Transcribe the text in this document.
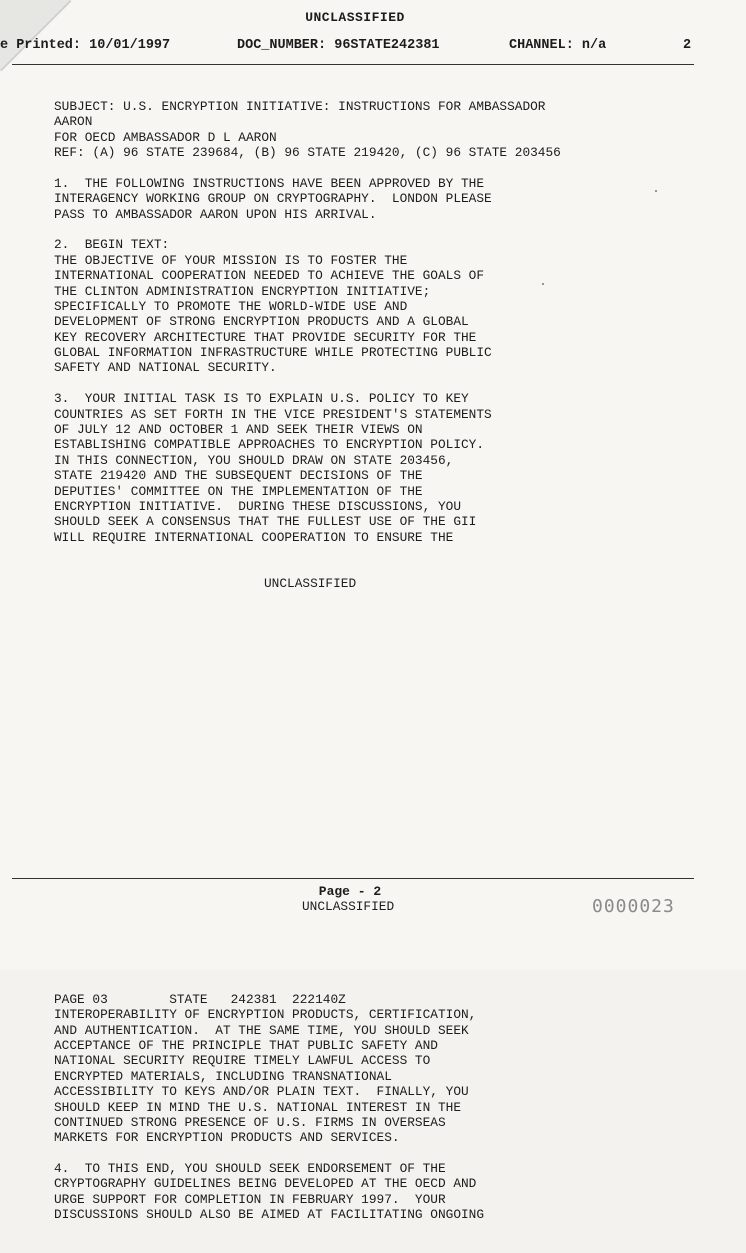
UNCLASSIFIED

e Printed: 10/01/1997

	DOC_NUMBER: 96STATE242381

	CHANNEL: n/a

	2

SUBJECT: U.S. ENCRYPTION INITIATIVE: INSTRUCTIONS FOR AMBASSADOR
AARON
FOR OECD AMBASSADOR D L AARON
REF: (A) 96 STATE 239684, (B) 96 STATE 219420, (C) 96 STATE 203456
1.  THE FOLLOWING INSTRUCTIONS HAVE BEEN APPROVED BY THE
INTERAGENCY WORKING GROUP ON CRYPTOGRAPHY.  LONDON PLEASE
PASS TO AMBASSADOR AARON UPON HIS ARRIVAL.
2.  BEGIN TEXT:
THE OBJECTIVE OF YOUR MISSION IS TO FOSTER THE
INTERNATIONAL COOPERATION NEEDED TO ACHIEVE THE GOALS OF
THE CLINTON ADMINISTRATION ENCRYPTION INITIATIVE;
SPECIFICALLY TO PROMOTE THE WORLD-WIDE USE AND
DEVELOPMENT OF STRONG ENCRYPTION PRODUCTS AND A GLOBAL
KEY RECOVERY ARCHITECTURE THAT PROVIDE SECURITY FOR THE
GLOBAL INFORMATION INFRASTRUCTURE WHILE PROTECTING PUBLIC
SAFETY AND NATIONAL SECURITY.
3.  YOUR INITIAL TASK IS TO EXPLAIN U.S. POLICY TO KEY
COUNTRIES AS SET FORTH IN THE VICE PRESIDENT'S STATEMENTS
OF JULY 12 AND OCTOBER 1 AND SEEK THEIR VIEWS ON
ESTABLISHING COMPATIBLE APPROACHES TO ENCRYPTION POLICY.
IN THIS CONNECTION, YOU SHOULD DRAW ON STATE 203456,
STATE 219420 AND THE SUBSEQUENT DECISIONS OF THE
DEPUTIES' COMMITTEE ON THE IMPLEMENTATION OF THE
ENCRYPTION INITIATIVE.  DURING THESE DISCUSSIONS, YOU
SHOULD SEEK A CONSENSUS THAT THE FULLEST USE OF THE GII
WILL REQUIRE INTERNATIONAL COOPERATION TO ENSURE THE

UNCLASSIFIED

UNCLASSIFIED

PAGE 03        STATE   242381  222140Z
INTEROPERABILITY OF ENCRYPTION PRODUCTS, CERTIFICATION,
AND AUTHENTICATION.  AT THE SAME TIME, YOU SHOULD SEEK
ACCEPTANCE OF THE PRINCIPLE THAT PUBLIC SAFETY AND
NATIONAL SECURITY REQUIRE TIMELY LAWFUL ACCESS TO
ENCRYPTED MATERIALS, INCLUDING TRANSNATIONAL
ACCESSIBILITY TO KEYS AND/OR PLAIN TEXT.  FINALLY, YOU
SHOULD KEEP IN MIND THE U.S. NATIONAL INTEREST IN THE
CONTINUED STRONG PRESENCE OF U.S. FIRMS IN OVERSEAS
MARKETS FOR ENCRYPTION PRODUCTS AND SERVICES.
4.  TO THIS END, YOU SHOULD SEEK ENDORSEMENT OF THE
CRYPTOGRAPHY GUIDELINES BEING DEVELOPED AT THE OECD AND
URGE SUPPORT FOR COMPLETION IN FEBRUARY 1997.  YOUR
DISCUSSIONS SHOULD ALSO BE AIMED AT FACILITATING ONGOING

Page - 2
0000023
